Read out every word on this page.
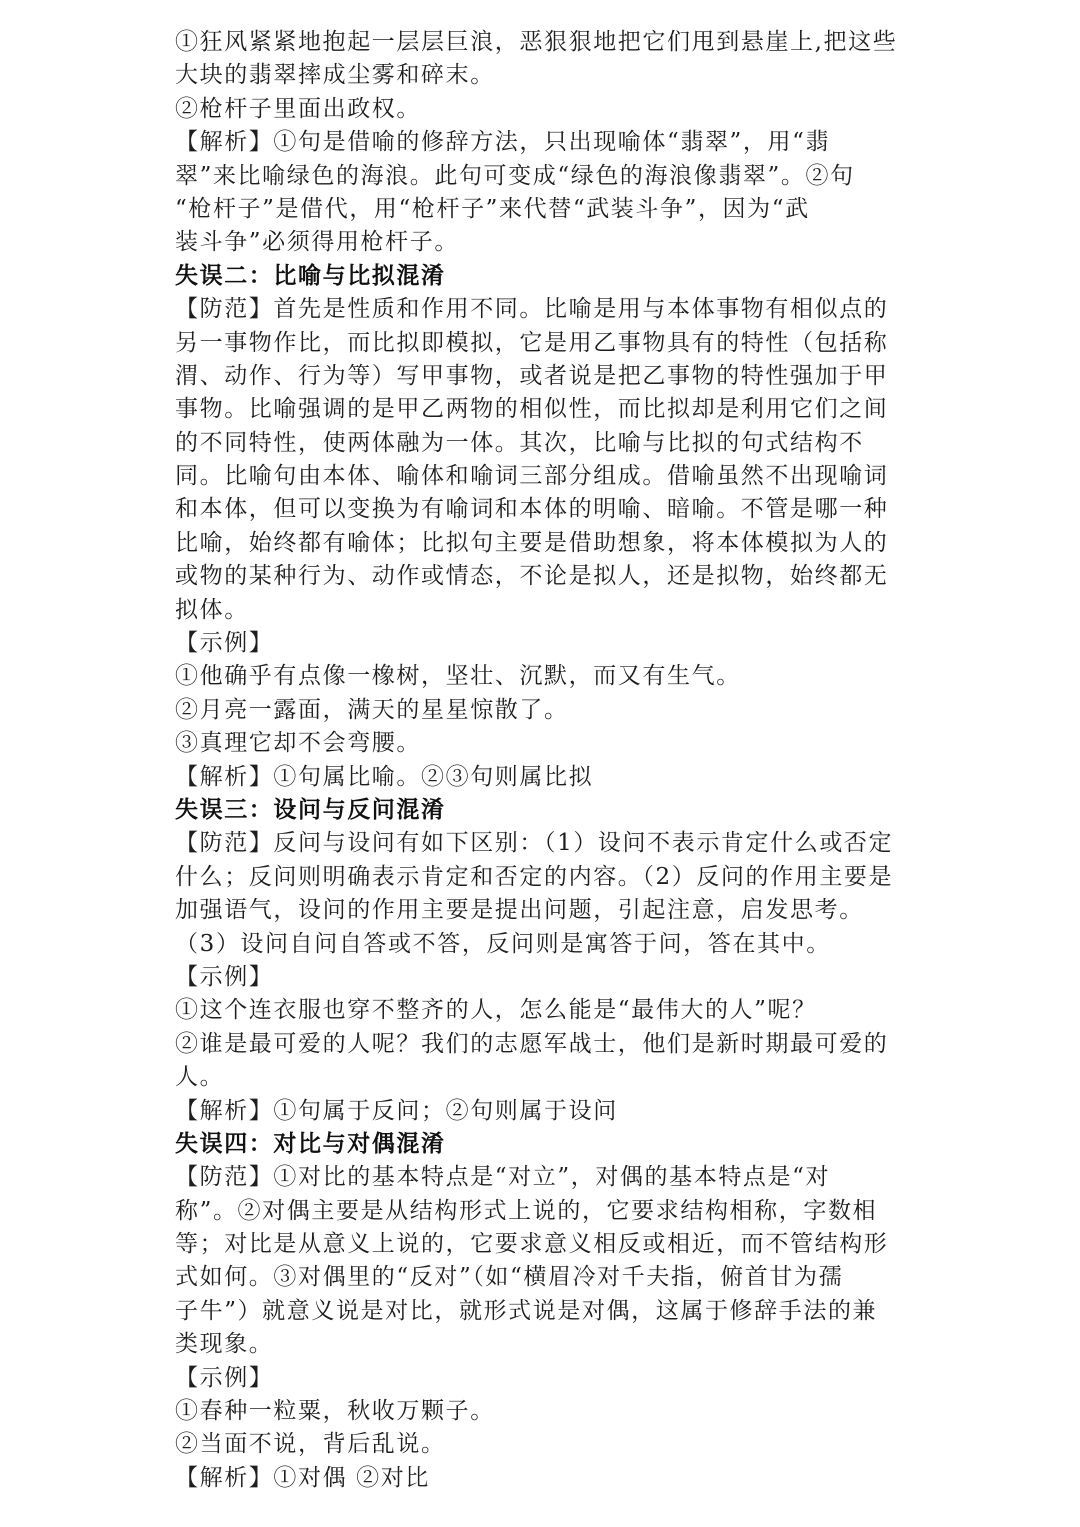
①狂风紧紧地抱起一层层巨浪，恶狠狠地把它们甩到悬崖上,把这些
大块的翡翠摔成尘雾和碎末。
②枪杆子里面出政权。
【解析】①句是借喻的修辞方法，只出现喻体“翡翠”，用“翡
翠”来比喻绿色的海浪。此句可变成“绿色的海浪像翡翠”。②句
“枪杆子”是借代，用“枪杆子”来代替“武装斗争”，因为“武
装斗争”必须得用枪杆子。
失误二：比喻与比拟混淆
【防范】首先是性质和作用不同。比喻是用与本体事物有相似点的
另一事物作比，而比拟即模拟，它是用乙事物具有的特性（包括称
渭、动作、行为等）写甲事物，或者说是把乙事物的特性强加于甲
事物。比喻强调的是甲乙两物的相似性，而比拟却是利用它们之间
的不同特性，使两体融为一体。其次，比喻与比拟的句式结构不
同。比喻句由本体、喻体和喻词三部分组成。借喻虽然不出现喻词
和本体，但可以变换为有喻词和本体的明喻、暗喻。不管是哪一种
比喻，始终都有喻体；比拟句主要是借助想象，将本体模拟为人的
或物的某种行为、动作或情态，不论是拟人，还是拟物，始终都无
拟体。
【示例】
①他确乎有点像一橡树，坚壮、沉默，而又有生气。
②月亮一露面，满天的星星惊散了。
③真理它却不会弯腰。
【解析】①句属比喻。②③句则属比拟
失误三：设问与反问混淆
【防范】反问与设问有如下区别：（1）设问不表示肯定什么或否定
什么；反问则明确表示肯定和否定的内容。（2）反问的作用主要是
加强语气，设问的作用主要是提出问题，引起注意，启发思考。
（3）设问自问自答或不答，反问则是寓答于问，答在其中。
【示例】
①这个连衣服也穿不整齐的人，怎么能是“最伟大的人”呢？
②谁是最可爱的人呢？我们的志愿军战士，他们是新时期最可爱的
人。
【解析】①句属于反问；②句则属于设问
失误四：对比与对偶混淆
【防范】①对比的基本特点是“对立”，对偶的基本特点是“对
称”。②对偶主要是从结构形式上说的，它要求结构相称，字数相
等；对比是从意义上说的，它要求意义相反或相近，而不管结构形
式如何。③对偶里的“反对”（如“横眉冷对千夫指，俯首甘为孺
子牛”）就意义说是对比，就形式说是对偶，这属于修辞手法的兼
类现象。
【示例】
①春种一粒粟，秋收万颗子。
②当面不说，背后乱说。
【解析】①对偶 ②对比
